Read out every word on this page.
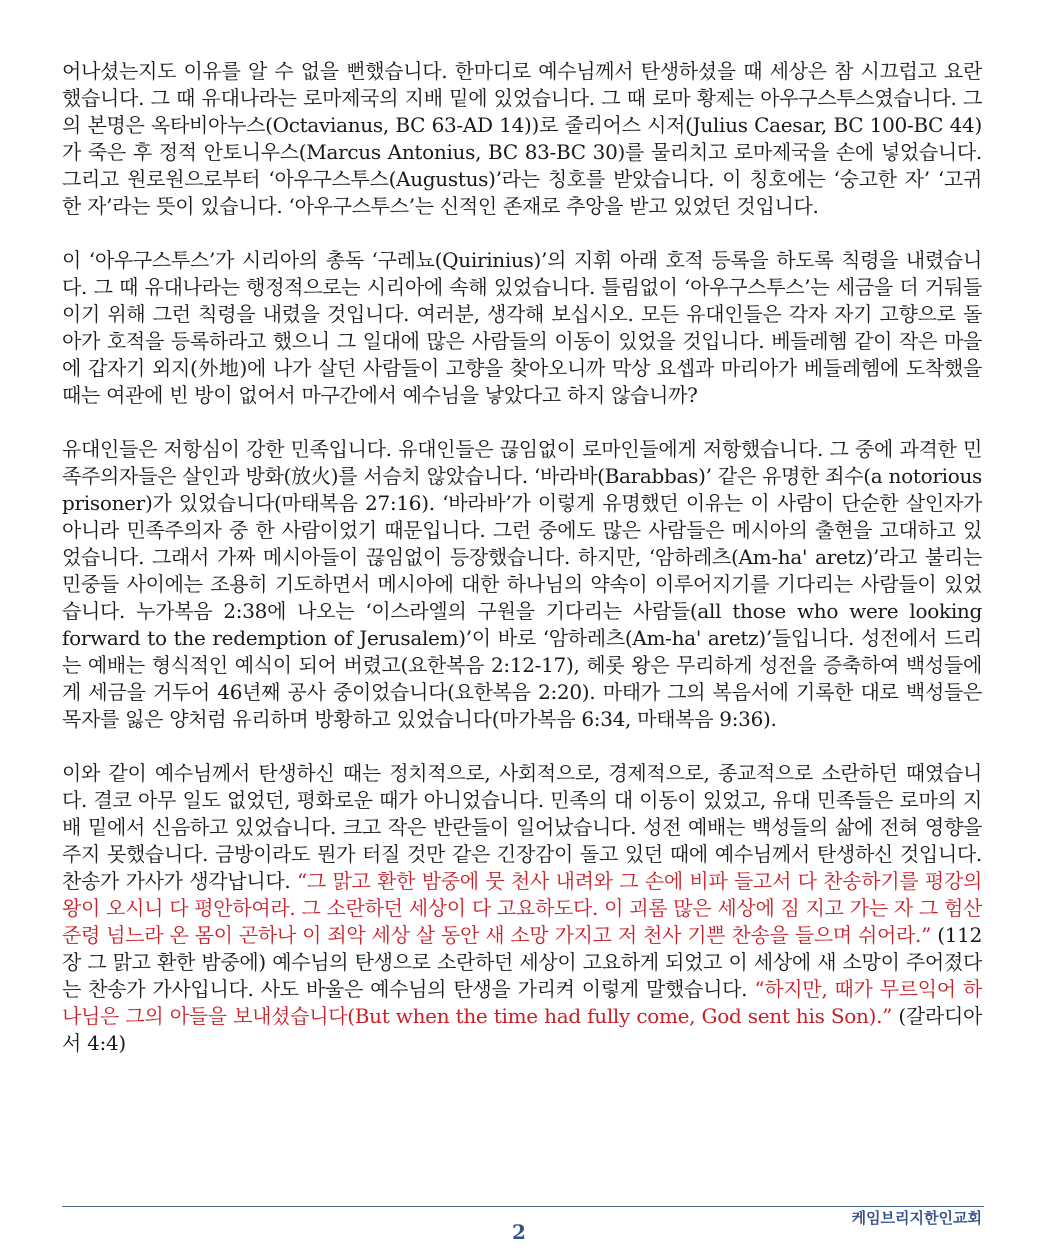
어나셨는지도 이유를 알 수 없을 뻔했습니다. 한마디로 예수님께서 탄생하셨을 때 세상은 참 시끄럽고 요란했습니다. 그 때 유대나라는 로마제국의 지배 밑에 있었습니다. 그 때 로마 황제는 아우구스투스였습니다. 그의 본명은 옥타비아누스(Octavianus, BC 63-AD 14))로 줄리어스 시저(Julius Caesar, BC 100-BC 44)가 죽은 후 정적 안토니우스(Marcus Antonius, BC 83-BC 30)를 물리치고 로마제국을 손에 넣었습니다. 그리고 원로원으로부터 ‘아우구스투스(Augustus)’라는 칭호를 받았습니다. 이 칭호에는 ‘숭고한 자’ ‘고귀한 자’라는 뜻이 있습니다. ‘아우구스투스’는 신적인 존재로 추앙을 받고 있었던 것입니다.

이 ‘아우구스투스’가 시리아의 총독 ‘구레뇨(Quirinius)’의 지휘 아래 호적 등록을 하도록 칙령을 내렸습니다. 그 때 유대나라는 행정적으로는 시리아에 속해 있었습니다. 틀림없이 ‘아우구스투스’는 세금을 더 거둬들이기 위해 그런 칙령을 내렸을 것입니다. 여러분, 생각해 보십시오. 모든 유대인들은 각자 자기 고향으로 돌아가 호적을 등록하라고 했으니 그 일대에 많은 사람들의 이동이 있었을 것입니다. 베들레헴 같이 작은 마을에 갑자기 외지(外地)에 나가 살던 사람들이 고향을 찾아오니까 막상 요셉과 마리아가 베들레헴에 도착했을 때는 여관에 빈 방이 없어서 마구간에서 예수님을 낳았다고 하지 않습니까?

유대인들은 저항심이 강한 민족입니다. 유대인들은 끊임없이 로마인들에게 저항했습니다. 그 중에 과격한 민족주의자들은 살인과 방화(放火)를 서슴치 않았습니다. ‘바라바(Barabbas)’ 같은 유명한 죄수(a notorious prisoner)가 있었습니다(마태복음 27:16). ‘바라바’가 이렇게 유명했던 이유는 이 사람이 단순한 살인자가 아니라 민족주의자 중 한 사람이었기 때문입니다. 그런 중에도 많은 사람들은 메시아의 출현을 고대하고 있었습니다. 그래서 가짜 메시아들이 끊임없이 등장했습니다. 하지만, ‘암하레츠(Am-ha' aretz)’라고 불리는 민중들 사이에는 조용히 기도하면서 메시아에 대한 하나님의 약속이 이루어지기를 기다리는 사람들이 있었습니다. 누가복음 2:38에 나오는 ‘이스라엘의 구원을 기다리는 사람들(all those who were looking forward to the redemption of Jerusalem)’이 바로 ‘암하레츠(Am-ha' aretz)’들입니다. 성전에서 드리는 예배는 형식적인 예식이 되어 버렸고(요한복음 2:12-17), 헤롯 왕은 무리하게 성전을 증축하여 백성들에게 세금을 거두어 46년째 공사 중이었습니다(요한복음 2:20). 마태가 그의 복음서에 기록한 대로 백성들은 목자를 잃은 양처럼 유리하며 방황하고 있었습니다(마가복음 6:34, 마태복음 9:36).

이와 같이 예수님께서 탄생하신 때는 정치적으로, 사회적으로, 경제적으로, 종교적으로 소란하던 때였습니다. 결코 아무 일도 없었던, 평화로운 때가 아니었습니다. 민족의 대 이동이 있었고, 유대 민족들은 로마의 지배 밑에서 신음하고 있었습니다. 크고 작은 반란들이 일어났습니다. 성전 예배는 백성들의 삶에 전혀 영향을 주지 못했습니다. 금방이라도 뭔가 터질 것만 같은 긴장감이 돌고 있던 때에 예수님께서 탄생하신 것입니다. 찬송가 가사가 생각납니다. “그 맑고 환한 밤중에 뭇 천사 내려와 그 손에 비파 들고서 다 찬송하기를 평강의 왕이 오시니 다 평안하여라. 그 소란하던 세상이 다 고요하도다. 이 괴롬 많은 세상에 짐 지고 가는 자 그 험산 준령 넘느라 온 몸이 곤하나 이 죄악 세상 살 동안 새 소망 가지고 저 천사 기쁜 찬송을 들으며 쉬어라.” (112장 그 맑고 환한 밤중에) 예수님의 탄생으로 소란하던 세상이 고요하게 되었고 이 세상에 새 소망이 주어졌다는 찬송가 가사입니다. 사도 바울은 예수님의 탄생을 가리켜 이렇게 말했습니다. “하지만, 때가 무르익어 하나님은 그의 아들을 보내셨습니다(But when the time had fully come, God sent his Son).” (갈라디아서 4:4)

케임브리지한인교회
2
